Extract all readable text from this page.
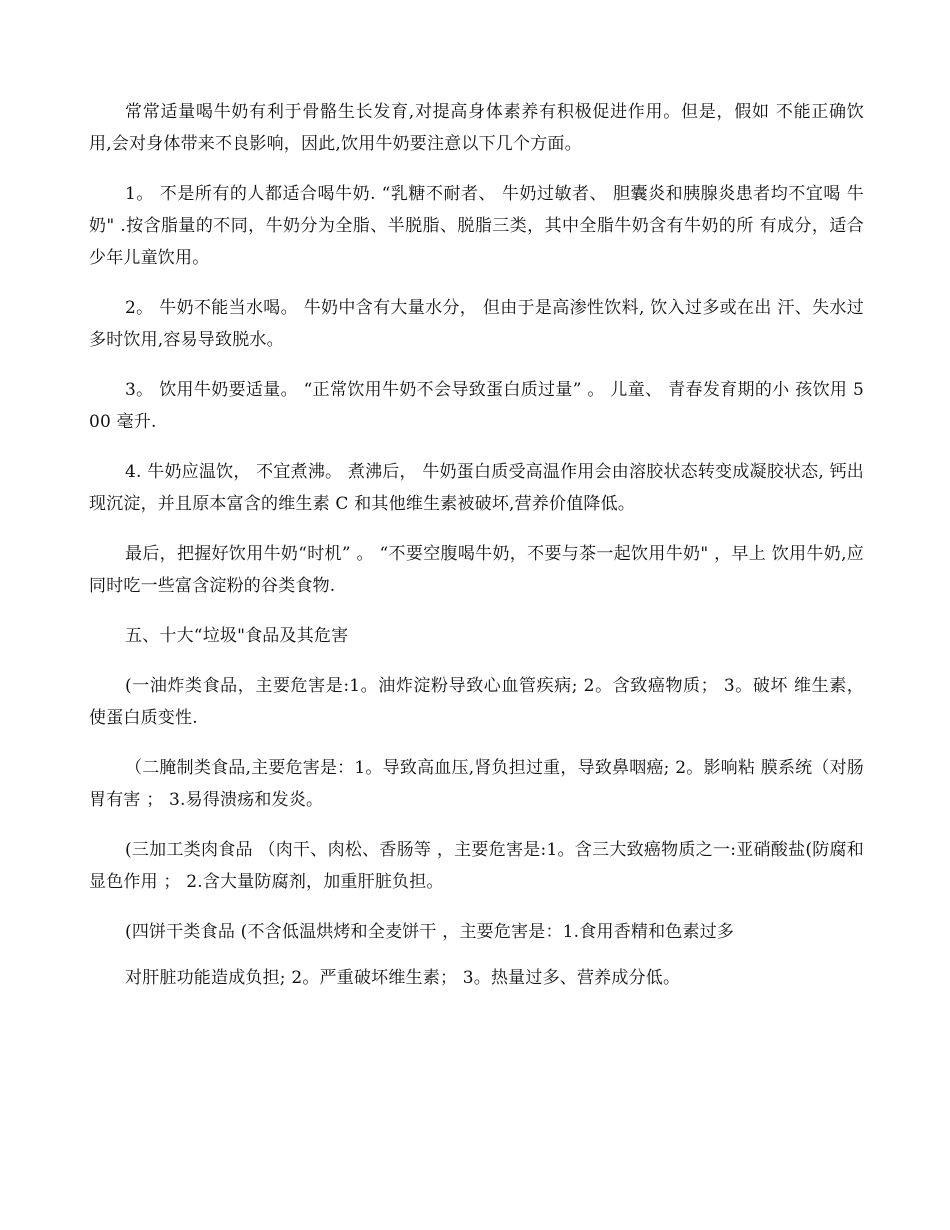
常常适量喝牛奶有利于骨骼生长发育,对提高身体素养有积极促进作用。但是，假如 不能正确饮用,会对身体带来不良影响，因此,饮用牛奶要注意以下几个方面。

1。 不是所有的人都适合喝牛奶. “乳糖不耐者、 牛奶过敏者、 胆囊炎和胰腺炎患者均不宜喝 牛奶" .按含脂量的不同，牛奶分为全脂、半脱脂、脱脂三类，其中全脂牛奶含有牛奶的所 有成分，适合少年儿童饮用。

2。 牛奶不能当水喝。 牛奶中含有大量水分， 但由于是高渗性饮料, 饮入过多或在出 汗、失水过多时饮用,容易导致脱水。

3。 饮用牛奶要适量。 “正常饮用牛奶不会导致蛋白质过量” 。 儿童、 青春发育期的小 孩饮用 500 毫升.

4. 牛奶应温饮， 不宜煮沸。 煮沸后， 牛奶蛋白质受高温作用会由溶胶状态转变成凝胶状态, 钙出现沉淀，并且原本富含的维生素 C 和其他维生素被破坏,营养价值降低。

最后，把握好饮用牛奶“时机” 。 “不要空腹喝牛奶，不要与茶一起饮用牛奶" ，早上 饮用牛奶,应同时吃一些富含淀粉的谷类食物.

五、十大“垃圾"食品及其危害

(一油炸类食品，主要危害是:1。油炸淀粉导致心血管疾病; 2。含致癌物质； 3。破坏 维生素，使蛋白质变性.

（二腌制类食品,主要危害是：1。导致高血压,肾负担过重，导致鼻咽癌; 2。影响粘 膜系统（对肠胃有害 ； 3.易得溃疡和发炎。

(三加工类肉食品 （肉干、肉松、香肠等 ，主要危害是:1。含三大致癌物质之一:亚硝酸盐(防腐和显色作用 ； 2.含大量防腐剂，加重肝脏负担。

(四饼干类食品 (不含低温烘烤和全麦饼干 ，主要危害是：1.食用香精和色素过多

对肝脏功能造成负担; 2。严重破坏维生素； 3。热量过多、营养成分低。
